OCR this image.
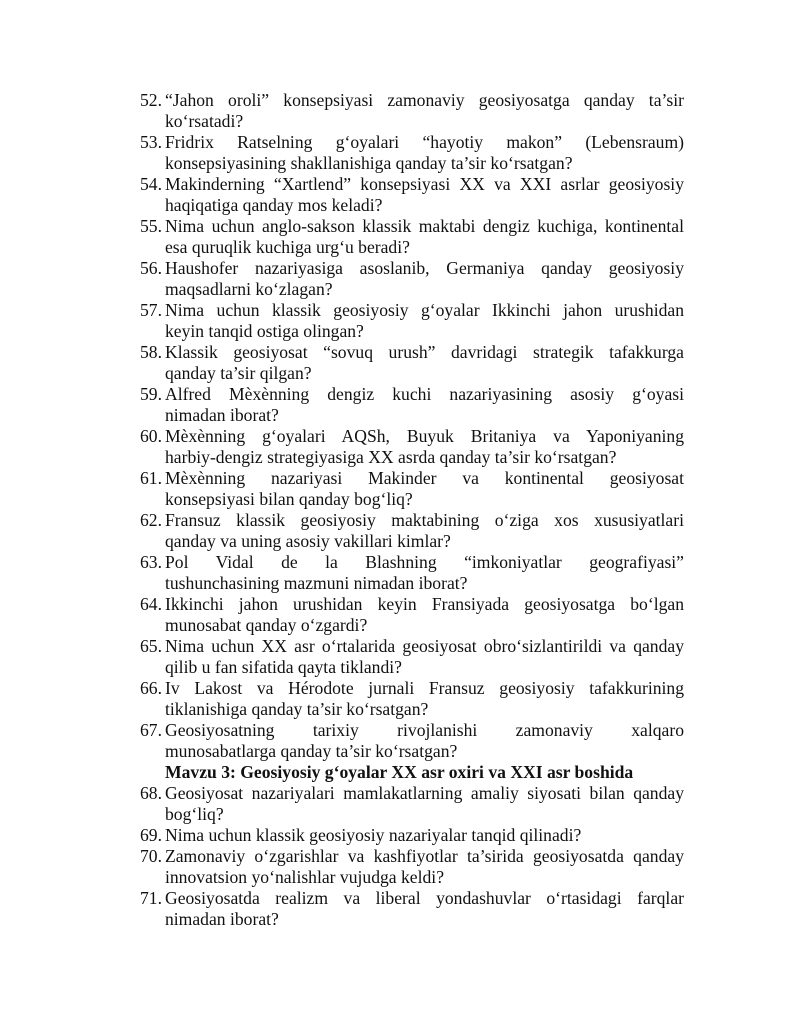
52. “Jahon oroli” konsepsiyasi zamonaviy geosiyosatga qanday ta’sir
ko‘rsatadi?
53. Fridrix Ratselning g‘oyalari “hayotiy makon” (Lebensraum)
konsepsiyasining shakllanishiga qanday ta’sir ko‘rsatgan?
54. Makinderning “Xartlend” konsepsiyasi XX va XXI asrlar geosiyosiy
haqiqatiga qanday mos keladi?
55. Nima uchun anglo-sakson klassik maktabi dengiz kuchiga, kontinental
esa quruqlik kuchiga urg‘u beradi?
56. Haushofer nazariyasiga asoslanib, Germaniya qanday geosiyosiy
maqsadlarni ko‘zlagan?
57. Nima uchun klassik geosiyosiy g‘oyalar Ikkinchi jahon urushidan
keyin tanqid ostiga olingan?
58. Klassik geosiyosat “sovuq urush” davridagi strategik tafakkurga
qanday ta’sir qilgan?
59. Alfred Mèxènning dengiz kuchi nazariyasining asosiy g‘oyasi
nimadan iborat?
60. Mèxènning g‘oyalari AQSh, Buyuk Britaniya va Yaponiyaning
harbiy-dengiz strategiyasiga XX asrda qanday ta’sir ko‘rsatgan?
61. Mèxènning nazariyasi Makinder va kontinental geosiyosat
konsepsiyasi bilan qanday bog‘liq?
62. Fransuz klassik geosiyosiy maktabining o‘ziga xos xususiyatlari
qanday va uning asosiy vakillari kimlar?
63. Pol Vidal de la Blashning “imkoniyatlar geografiyasi”
tushunchasining mazmuni nimadan iborat?
64. Ikkinchi jahon urushidan keyin Fransiyada geosiyosatga bo‘lgan
munosabat qanday o‘zgardi?
65. Nima uchun XX asr o‘rtalarida geosiyosat obro‘sizlantirildi va qanday
qilib u fan sifatida qayta tiklandi?
66. Iv Lakost va Hérodote jurnali Fransuz geosiyosiy tafakkurining
tiklanishiga qanday ta’sir ko‘rsatgan?
67. Geosiyosatning tarixiy rivojlanishi zamonaviy xalqaro
munosabatlarga qanday ta’sir ko‘rsatgan?
Mavzu 3: Geosiyosiy g‘oyalar XX asr oxiri va XXI asr boshida
68. Geosiyosat nazariyalari mamlakatlarning amaliy siyosati bilan qanday
bog‘liq?
69. Nima uchun klassik geosiyosiy nazariyalar tanqid qilinadi?
70. Zamonaviy o‘zgarishlar va kashfiyotlar ta’sirida geosiyosatda qanday
innovatsion yo‘nalishlar vujudga keldi?
71. Geosiyosatda realizm va liberal yondashuvlar o‘rtasidagi farqlar
nimadan iborat?
